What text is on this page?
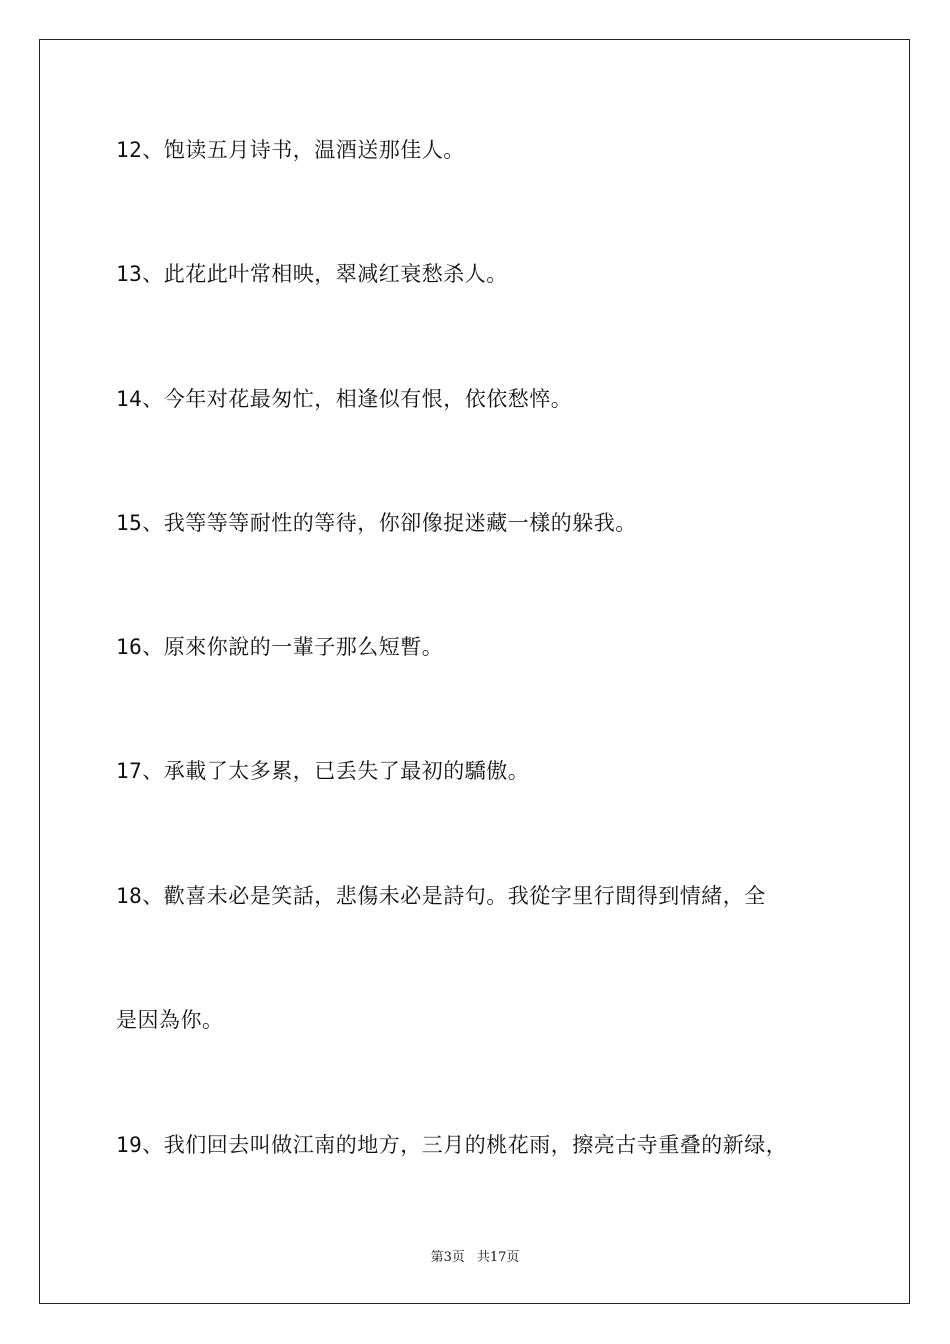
12、饱读五月诗书，温酒送那佳人。
13、此花此叶常相映，翠减红衰愁杀人。
14、今年对花最匆忙，相逢似有恨，依依愁悴。
15、我等等等耐性的等待，你卻像捉迷藏一樣的躲我。
16、原來你說的一輩子那么短暫。
17、承載了太多累，已丢失了最初的驕傲。
18、歡喜未必是笑話，悲傷未必是詩句。我從字里行間得到情緒，全
是因為你。
19、我们回去叫做江南的地方，三月的桃花雨，擦亮古寺重叠的新绿，
第3页 共17页
